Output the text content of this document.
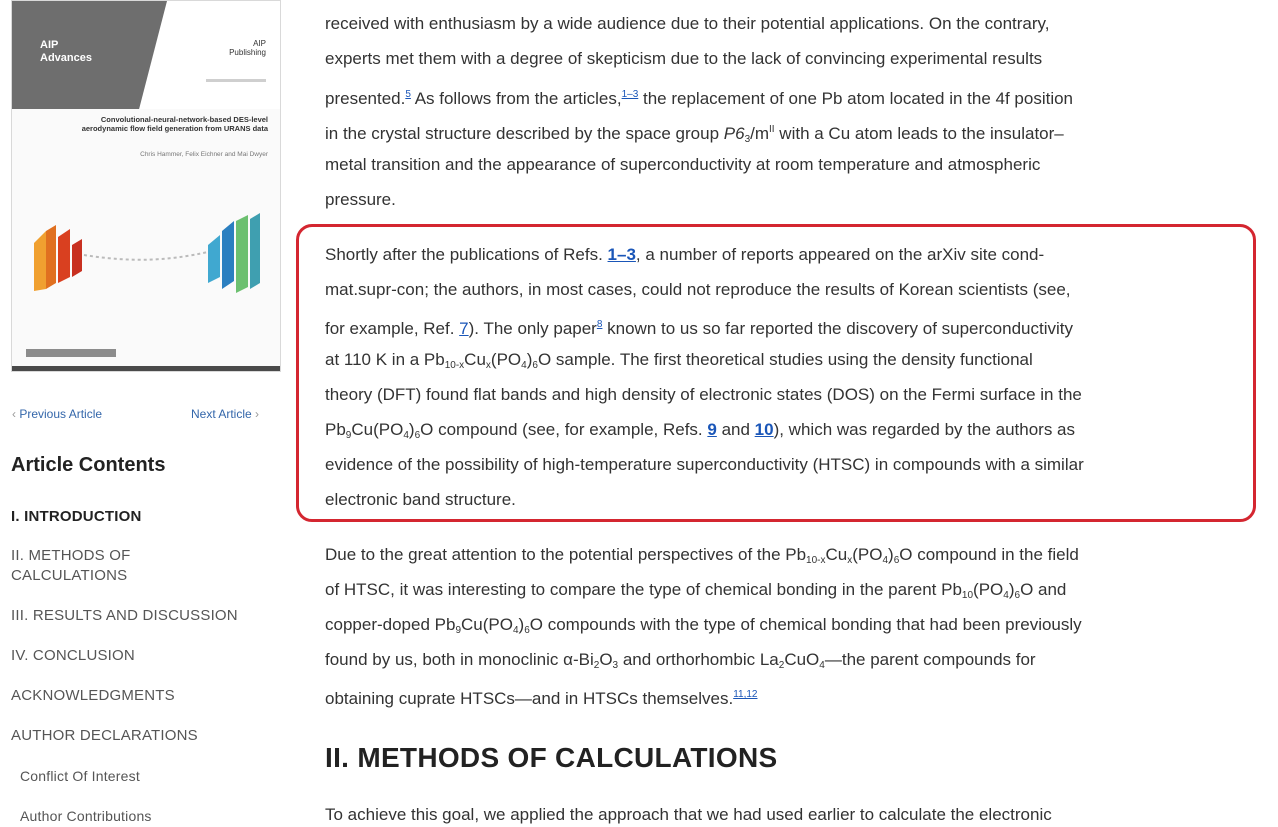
AIP
Advances
AIP
Publishing
Convolutional-neural-network-based DES-level aerodynamic flow field generation from URANS data
Chris Hammer, Felix Eichner and Mai Dwyer
‹ Previous Article	Next Article ›
Article Contents
I. INTRODUCTION
II. METHODS OF CALCULATIONS
III. RESULTS AND DISCUSSION
IV. CONCLUSION
ACKNOWLEDGMENTS
AUTHOR DECLARATIONS
Conflict Of Interest
Author Contributions
received with enthusiasm by a wide audience due to their potential applications. On the contrary,
experts met them with a degree of skepticism due to the lack of convincing experimental results
presented.$^5$ As follows from the articles,$^{1-3}$ the replacement of one Pb atom located in the 4f position
in the crystal structure described by the space group $P6_3/m^{II}$ with a Cu atom leads to the insulator–
metal transition and the appearance of superconductivity at room temperature and atmospheric
pressure.
Shortly after the publications of Refs. 1–3, a number of reports appeared on the arXiv site cond-
mat.supr-con; the authors, in most cases, could not reproduce the results of Korean scientists (see,
for example, Ref. 7). The only paper$^8$ known to us so far reported the discovery of superconductivity
at 110 K in a $Pb_{10-x}Cu_x(PO_4)_6O$ sample. The first theoretical studies using the density functional
theory (DFT) found flat bands and high density of electronic states (DOS) on the Fermi surface in the
$Pb_9Cu(PO_4)_6O$ compound (see, for example, Refs. 9 and 10), which was regarded by the authors as
evidence of the possibility of high-temperature superconductivity (HTSC) in compounds with a similar
electronic band structure.
Due to the great attention to the potential perspectives of the $Pb_{10-x}Cu_x(PO_4)_6O$ compound in the field
of HTSC, it was interesting to compare the type of chemical bonding in the parent $Pb_{10}(PO_4)_6O$ and
copper-doped $Pb_9Cu(PO_4)_6O$ compounds with the type of chemical bonding that had been previously
found by us, both in monoclinic $\alpha-Bi_2O_3$ and orthorhombic $La_2CuO_4—the$ parent compounds for
obtaining cuprate HTSCs—and in HTSCs themselves.$^{11,12}$
II. METHODS OF CALCULATIONS
To achieve this goal, we applied the approach that we had used earlier to calculate the electronic
